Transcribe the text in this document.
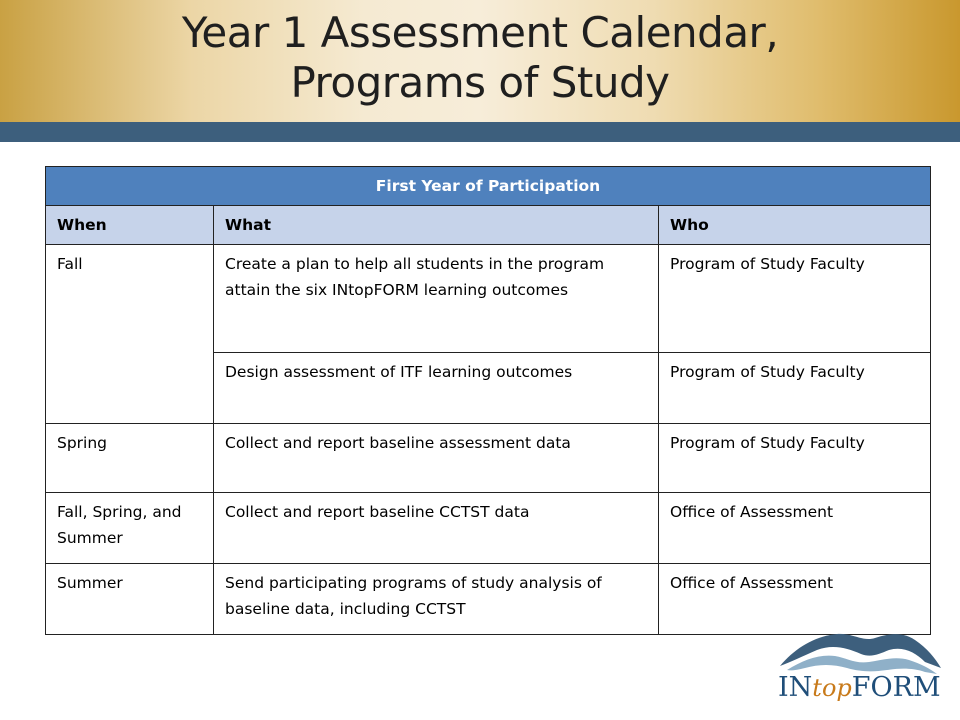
Year 1 Assessment Calendar,
Programs of Study
First Year of Participation		
When	What	Who
Fall	Create a plan to help all students in the program attain the six INtopFORM learning outcomes	Program of Study Faculty
	Design assessment of ITF learning outcomes	Program of Study Faculty
Spring	Collect and report baseline assessment data	Program of Study Faculty
Fall, Spring, and Summer	Collect and report baseline CCTST data	Office of Assessment
Summer	Send participating programs of study analysis of baseline data, including CCTST	Office of Assessment
INtopFORM
